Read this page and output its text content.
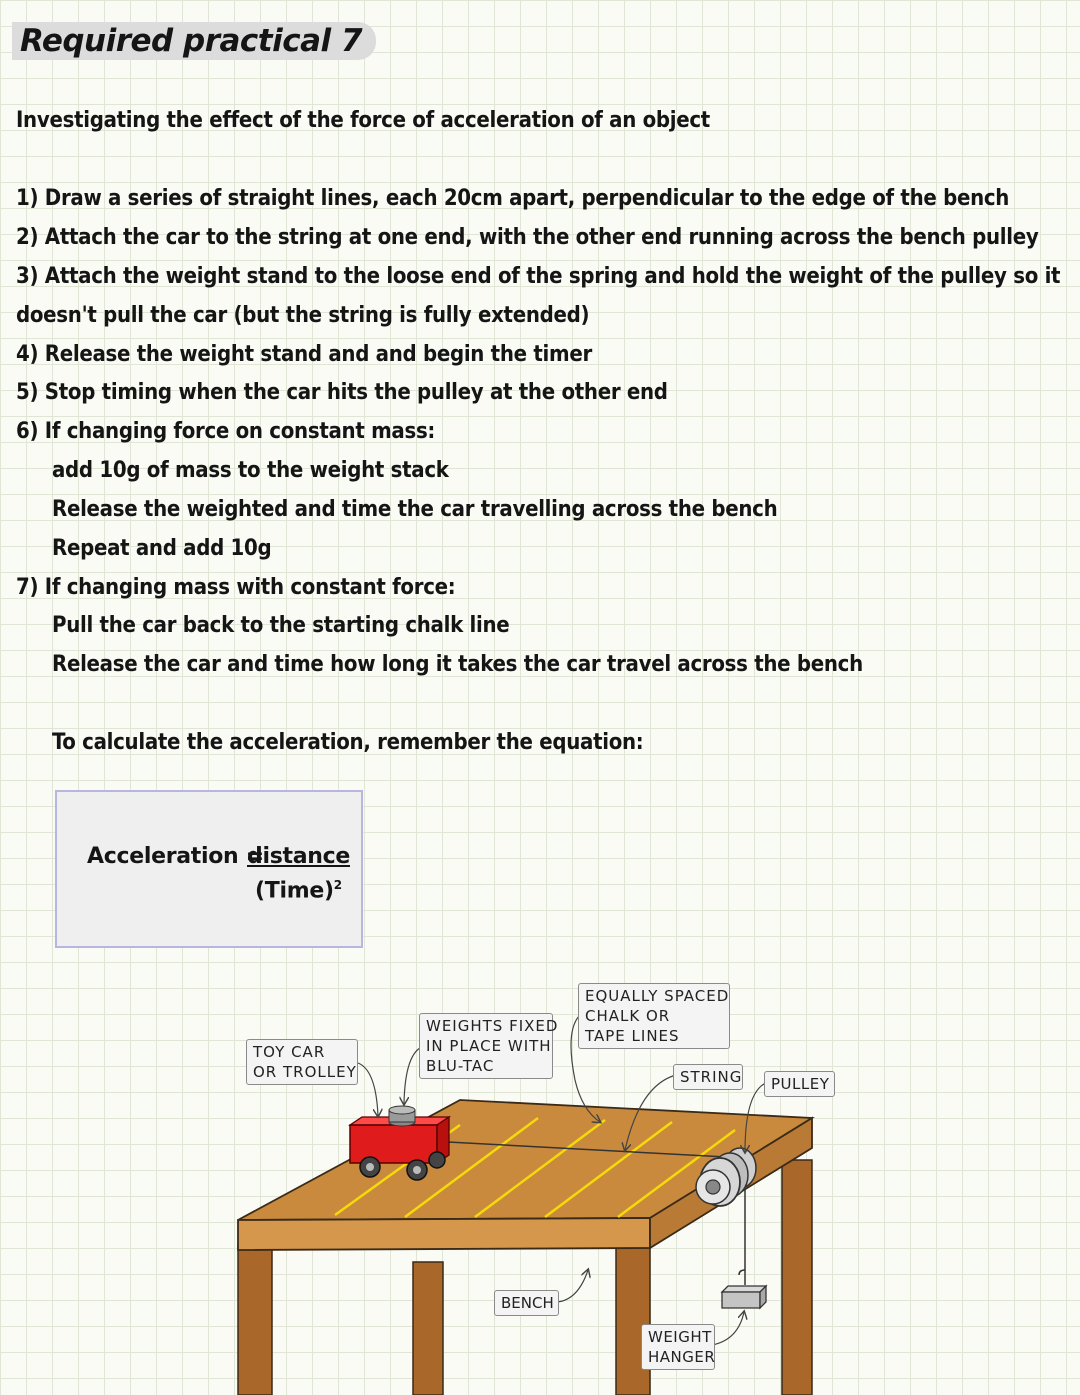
Required practical 7
Investigating the effect of the force of acceleration of an object
1) Draw a series of straight lines, each 20cm apart, perpendicular to the edge of the bench
2) Attach the car to the string at one end, with the other end running across the bench pulley
3) Attach the weight stand to the loose end of the spring and hold the weight of the pulley so it
doesn't pull the car (but the string is fully extended)
4) Release the weight stand and and begin the timer
5) Stop timing when the car hits the pulley at the other end
6) If changing force on constant mass:
add 10g of mass to the weight stack
Release the weighted and time the car travelling across the bench
Repeat and add 10g
7) If changing mass with constant force:
Pull the car back to the starting chalk line
Release the car and time how long it takes the car travel across the bench
To calculate the acceleration, remember the equation:
Acceleration =
distance
(Time)$^2$
TOY CAR
OR TROLLEY
WEIGHTS FIXED
IN PLACE WITH
BLU-TAC
EQUALLY SPACED
CHALK OR
TAPE LINES
STRING PULLEY
BENCH
WEIGHT
HANGER
